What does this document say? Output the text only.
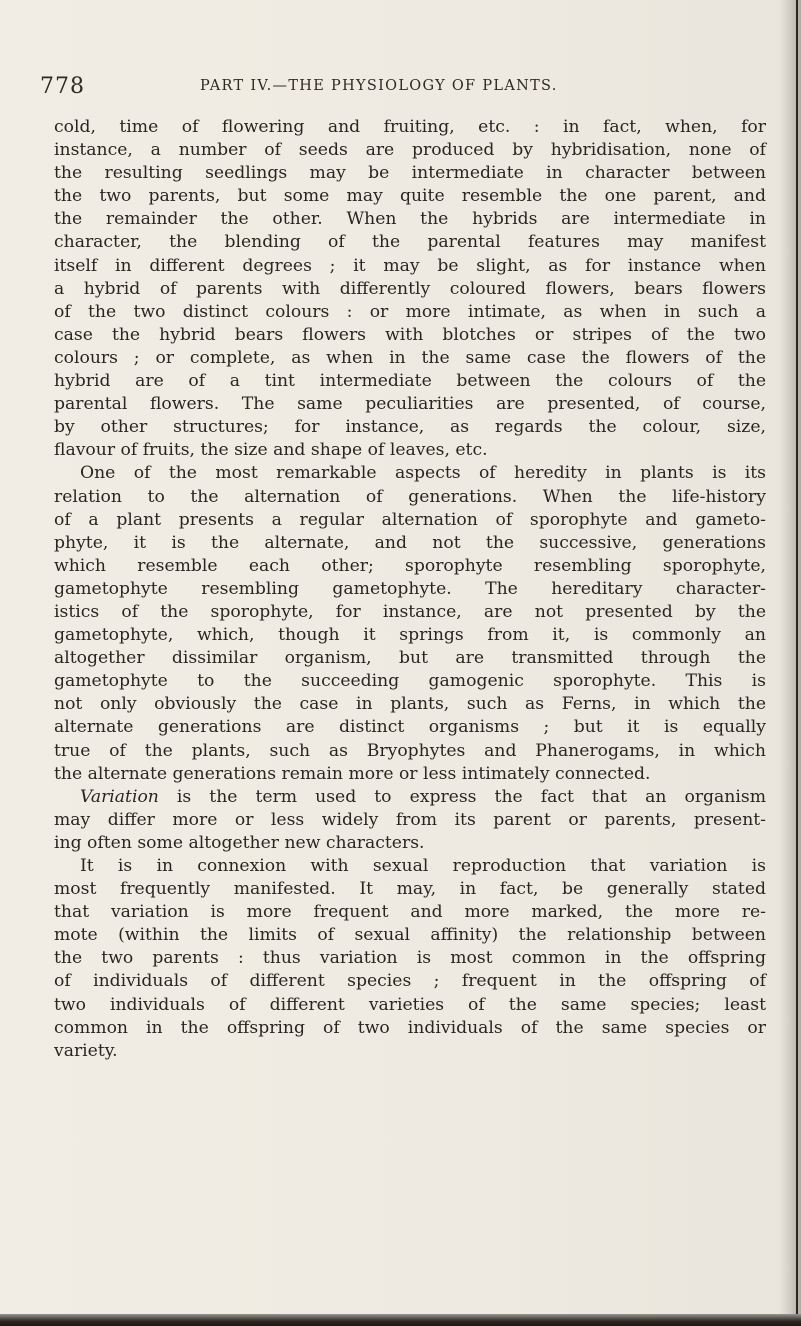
778	PART IV.—THE PHYSIOLOGY OF PLANTS.
cold, time of flowering and fruiting, etc. : in fact, when, for
instance, a number of seeds are produced by hybridisation, none of
the resulting seedlings may be intermediate in character between
the two parents, but some may quite resemble the one parent, and
the remainder the other. When the hybrids are intermediate in
character, the blending of the parental features may manifest
itself in different degrees ; it may be slight, as for instance when
a hybrid of parents with differently coloured flowers, bears flowers
of the two distinct colours : or more intimate, as when in such a
case the hybrid bears flowers with blotches or stripes of the two
colours ; or complete, as when in the same case the flowers of the
hybrid are of a tint intermediate between the colours of the
parental flowers. The same peculiarities are presented, of course,
by other structures; for instance, as regards the colour, size,
flavour of fruits, the size and shape of leaves, etc.
One of the most remarkable aspects of heredity in plants is its
relation to the alternation of generations. When the life-history
of a plant presents a regular alternation of sporophyte and gameto-
phyte, it is the alternate, and not the successive, generations
which resemble each other; sporophyte resembling sporophyte,
gametophyte resembling gametophyte. The hereditary character-
istics of the sporophyte, for instance, are not presented by the
gametophyte, which, though it springs from it, is commonly an
altogether dissimilar organism, but are transmitted through the
gametophyte to the succeeding gamogenic sporophyte. This is
not only obviously the case in plants, such as Ferns, in which the
alternate generations are distinct organisms ; but it is equally
true of the plants, such as Bryophytes and Phanerogams, in which
the alternate generations remain more or less intimately connected.
Variation is the term used to express the fact that an organism
may differ more or less widely from its parent or parents, present-
ing often some altogether new characters.
It is in connexion with sexual reproduction that variation is
most frequently manifested. It may, in fact, be generally stated
that variation is more frequent and more marked, the more re-
mote (within the limits of sexual affinity) the relationship between
the two parents : thus variation is most common in the offspring
of individuals of different species ; frequent in the offspring of
two individuals of different varieties of the same species; least
common in the offspring of two individuals of the same species or
variety.
